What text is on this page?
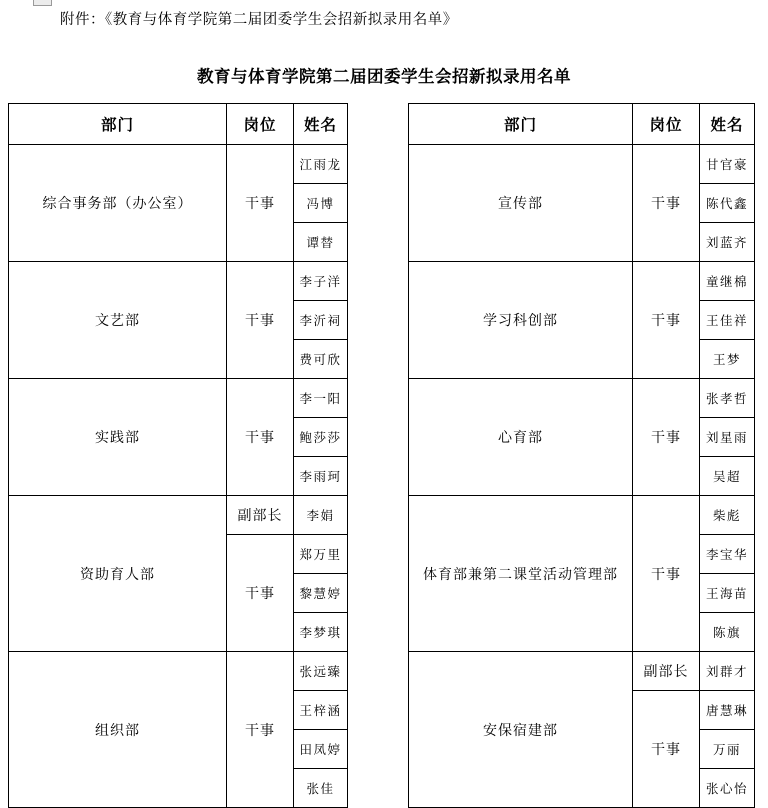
附件：《教育与体育学院第二届团委学生会招新拟录用名单》
教育与体育学院第二届团委学生会招新拟录用名单
部门	岗位	姓名
综合事务部（办公室）	干事	江雨龙
		冯博
		谭替
文艺部	干事	李子洋
		李沂祠
		费可欣
实践部	干事	李一阳
		鲍莎莎
		李雨珂
资助育人部	副部长	李娟
	干事	郑万里
		黎慧婷
		李梦琪
组织部	干事	张远臻
		王梓涵
		田凤婷
		张佳
部门	岗位	姓名
宣传部	干事	甘官豪
		陈代鑫
		刘蓝齐
学习科创部	干事	童继棉
		王佳祥
		王梦
心育部	干事	张孝哲
		刘星雨
		吴超
体育部兼第二课堂活动管理部	干事	柴彪
		李宝华
		王海苗
		陈旗
安保宿建部	副部长	刘群才
	干事	唐慧琳
		万丽
		张心怡
